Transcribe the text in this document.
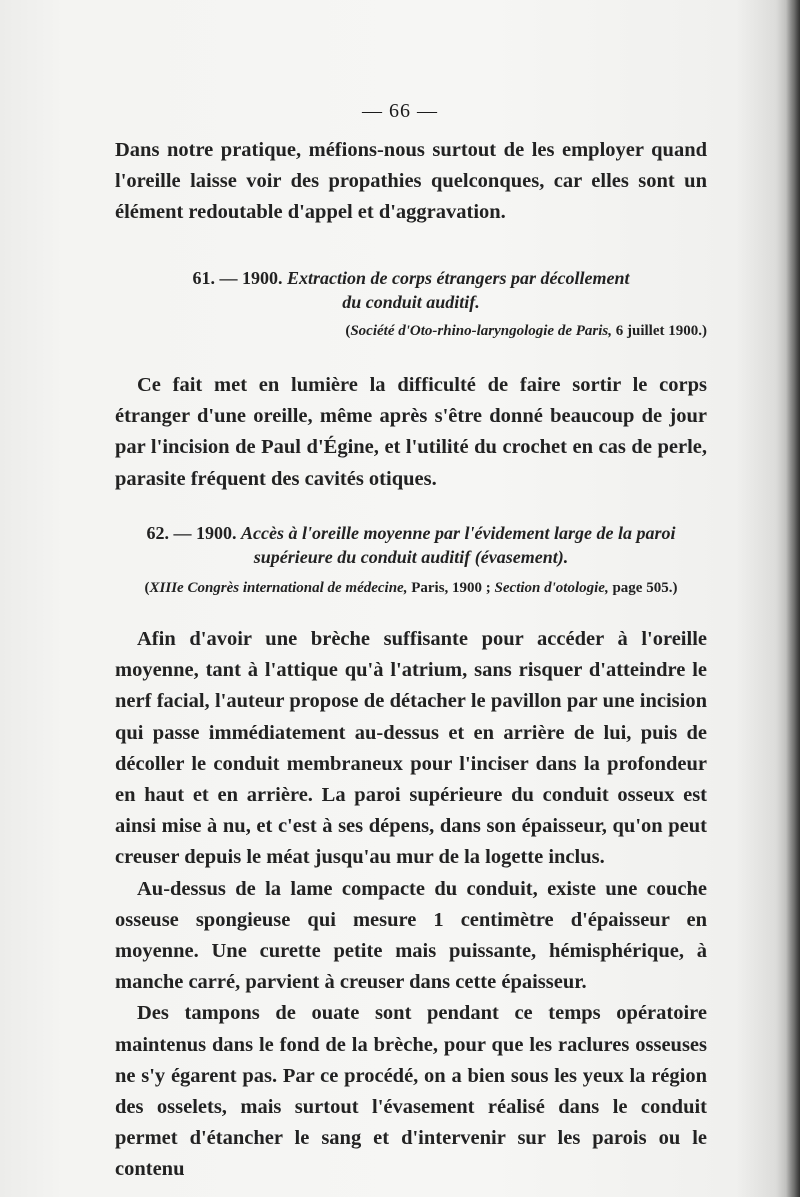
— 66 —

Dans notre pratique, méfions-nous surtout de les employer quand l'oreille laisse voir des propathies quelconques, car elles sont un élément redoutable d'appel et d'aggravation.

61. — 1900. Extraction de corps étrangers par décollement
du conduit auditif.
(Société d'Oto-rhino-laryngologie de Paris, 6 juillet 1900.)

Ce fait met en lumière la difficulté de faire sortir le corps étranger d'une oreille, même après s'être donné beaucoup de jour par l'incision de Paul d'Égine, et l'utilité du crochet en cas de perle, parasite fréquent des cavités otiques.

62. — 1900. Accès à l'oreille moyenne par l'évidement large de la paroi
supérieure du conduit auditif (évasement).
(XIIIe Congrès international de médecine, Paris, 1900 ; Section d'otologie, page 505.)

Afin d'avoir une brèche suffisante pour accéder à l'oreille moyenne, tant à l'attique qu'à l'atrium, sans risquer d'atteindre le nerf facial, l'auteur propose de détacher le pavillon par une incision qui passe immédiatement au-dessus et en arrière de lui, puis de décoller le conduit membraneux pour l'inciser dans la profondeur en haut et en arrière. La paroi supérieure du conduit osseux est ainsi mise à nu, et c'est à ses dépens, dans son épaisseur, qu'on peut creuser depuis le méat jusqu'au mur de la logette inclus.

Au-dessus de la lame compacte du conduit, existe une couche osseuse spongieuse qui mesure 1 centimètre d'épaisseur en moyenne. Une curette petite mais puissante, hémisphérique, à manche carré, parvient à creuser dans cette épaisseur.

Des tampons de ouate sont pendant ce temps opératoire maintenus dans le fond de la brèche, pour que les raclures osseuses ne s'y égarent pas. Par ce procédé, on a bien sous les yeux la région des osselets, mais surtout l'évasement réalisé dans le conduit permet d'étancher le sang et d'intervenir sur les parois ou le contenu
